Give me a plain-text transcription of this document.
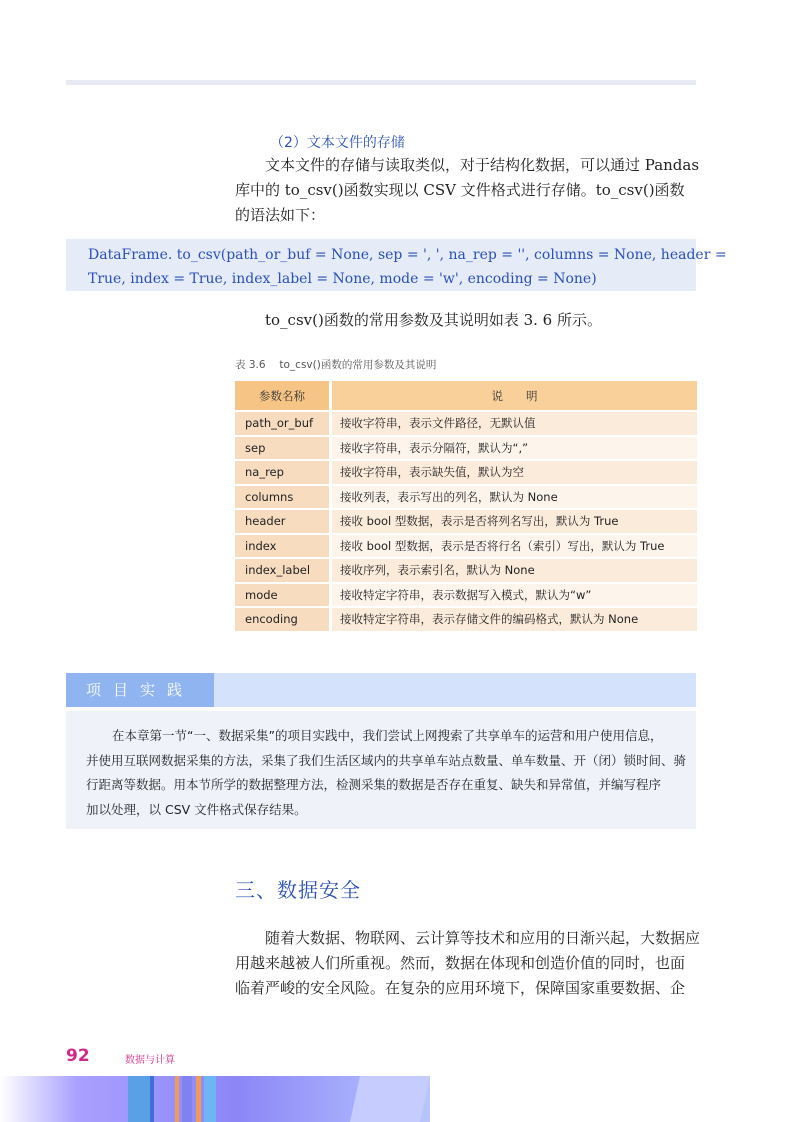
（2）文本文件的存储

文本文件的存储与读取类似，对于结构化数据，可以通过 Pandas

库中的 to_csv()函数实现以 CSV 文件格式进行存储。to_csv()函数

的语法如下：

DataFrame. to_csv(path_or_buf = None, sep = ', ', na_rep = '', columns = None, header =
True, index = True, index_label = None, mode = 'w', encoding = None)

to_csv()函数的常用参数及其说明如表 3. 6 所示。

表 3.6　 to_csv()函数的常用参数及其说明
参数名称	说　　明
path_or_buf	接收字符串，表示文件路径，无默认值
sep	接收字符串，表示分隔符，默认为“,”
na_rep	接收字符串，表示缺失值，默认为空
columns	接收列表，表示写出的列名，默认为 None
header	接收 bool 型数据，表示是否将列名写出，默认为 True
index	接收 bool 型数据，表示是否将行名（索引）写出，默认为 True
index_label	接收序列，表示索引名，默认为 None
mode	接收特定字符串，表示数据写入模式，默认为“w”
encoding	接收特定字符串，表示存储文件的编码格式，默认为 None
项目实践

在本章第一节“一、数据采集”的项目实践中，我们尝试上网搜索了共享单车的运营和用户使用信息，

并使用互联网数据采集的方法，采集了我们生活区域内的共享单车站点数量、单车数量、开（闭）锁时间、骑

行距离等数据。用本节所学的数据整理方法，检测采集的数据是否存在重复、缺失和异常值，并编写程序

加以处理，以 CSV 文件格式保存结果。

三、数据安全

随着大数据、物联网、云计算等技术和应用的日渐兴起，大数据应

用越来越被人们所重视。然而，数据在体现和创造价值的同时，也面

临着严峻的安全风险。在复杂的应用环境下，保障国家重要数据、企

92	数据与计算
